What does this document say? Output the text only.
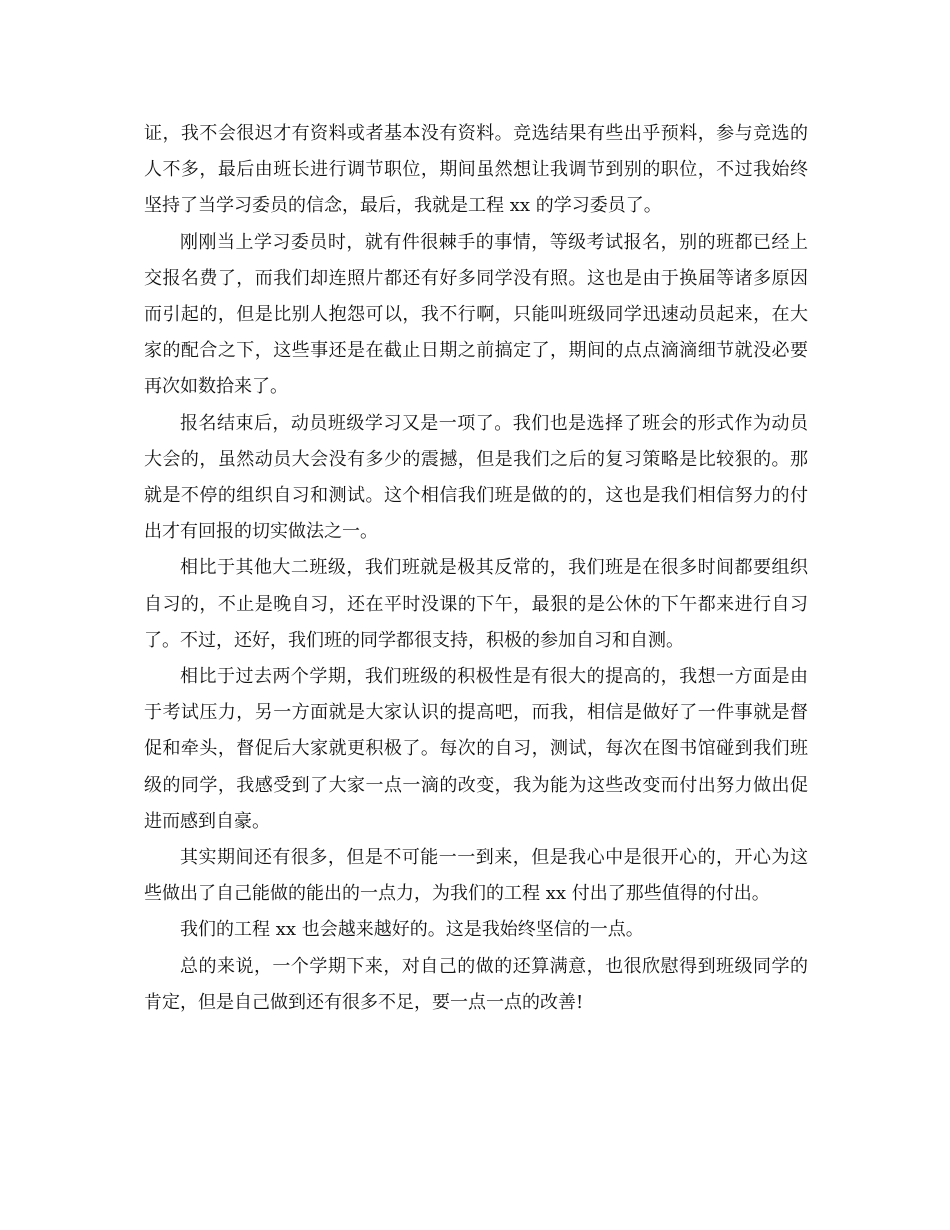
证，我不会很迟才有资料或者基本没有资料。竞选结果有些出乎预料，参与竞选的人不多，最后由班长进行调节职位，期间虽然想让我调节到别的职位，不过我始终坚持了当学习委员的信念，最后，我就是工程 xx 的学习委员了。

刚刚当上学习委员时，就有件很棘手的事情，等级考试报名，别的班都已经上交报名费了，而我们却连照片都还有好多同学没有照。这也是由于换届等诸多原因而引起的，但是比别人抱怨可以，我不行啊，只能叫班级同学迅速动员起来，在大家的配合之下，这些事还是在截止日期之前搞定了，期间的点点滴滴细节就没必要再次如数拾来了。

报名结束后，动员班级学习又是一项了。我们也是选择了班会的形式作为动员大会的，虽然动员大会没有多少的震撼，但是我们之后的复习策略是比较狠的。那就是不停的组织自习和测试。这个相信我们班是做的的，这也是我们相信努力的付出才有回报的切实做法之一。

相比于其他大二班级，我们班就是极其反常的，我们班是在很多时间都要组织自习的，不止是晚自习，还在平时没课的下午，最狠的是公休的下午都来进行自习了。不过，还好，我们班的同学都很支持，积极的参加自习和自测。

相比于过去两个学期，我们班级的积极性是有很大的提高的，我想一方面是由于考试压力，另一方面就是大家认识的提高吧，而我，相信是做好了一件事就是督促和牵头，督促后大家就更积极了。每次的自习，测试，每次在图书馆碰到我们班级的同学，我感受到了大家一点一滴的改变，我为能为这些改变而付出努力做出促进而感到自豪。

其实期间还有很多，但是不可能一一到来，但是我心中是很开心的，开心为这些做出了自己能做的能出的一点力，为我们的工程 xx 付出了那些值得的付出。

我们的工程 xx 也会越来越好的。这是我始终坚信的一点。

总的来说，一个学期下来，对自己的做的还算满意，也很欣慰得到班级同学的肯定，但是自己做到还有很多不足，要一点一点的改善!
